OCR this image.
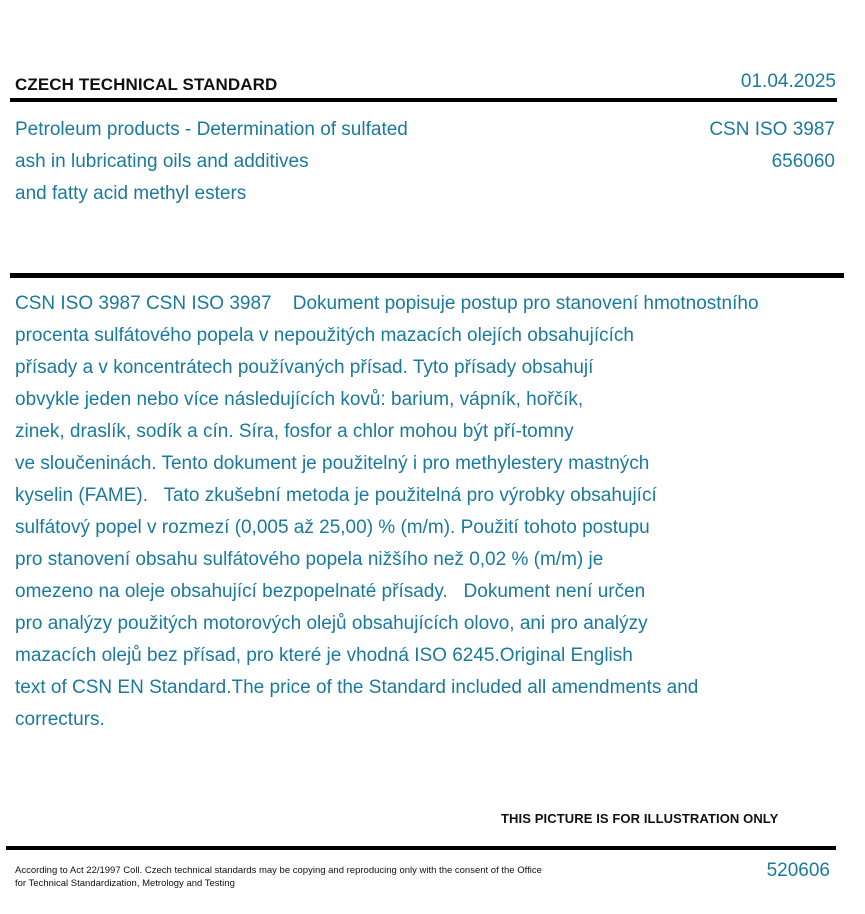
CZECH TECHNICAL STANDARD	01.04.2025
Petroleum products - Determination of sulfated
ash in lubricating oils and additives
and fatty acid methyl esters
CSN ISO 3987
656060
CSN ISO 3987 CSN ISO 3987    Dokument popisuje postup pro stanovení hmotnostního
procenta sulfátového popela v nepoužitých mazacích olejích obsahujících
přísady a v koncentrátech používaných přísad. Tyto přísady obsahují
obvykle jeden nebo více následujících kovů: barium, vápník, hořčík,
zinek, draslík, sodík a cín. Síra, fosfor a chlor mohou být pří-tomny
ve sloučeninách. Tento dokument je použitelný i pro methylestery mastných
kyselin (FAME).   Tato zkušební metoda je použitelná pro výrobky obsahující
sulfátový popel v rozmezí (0,005 až 25,00) % (m/m). Použití tohoto postupu
pro stanovení obsahu sulfátového popela nižšího než 0,02 % (m/m) je
omezeno na oleje obsahující bezpopelnaté přísady.   Dokument není určen
pro analýzy použitých motorových olejů obsahujících olovo, ani pro analýzy
mazacích olejů bez přísad, pro které je vhodná ISO 6245.Original English
text of CSN EN Standard.The price of the Standard included all amendments and
correcturs.
THIS PICTURE IS FOR ILLUSTRATION ONLY
According to Act 22/1997 Coll. Czech technical standards may be copying and reproducing only with the consent of the Office
for Technical Standardization, Metrology and Testing
520606
